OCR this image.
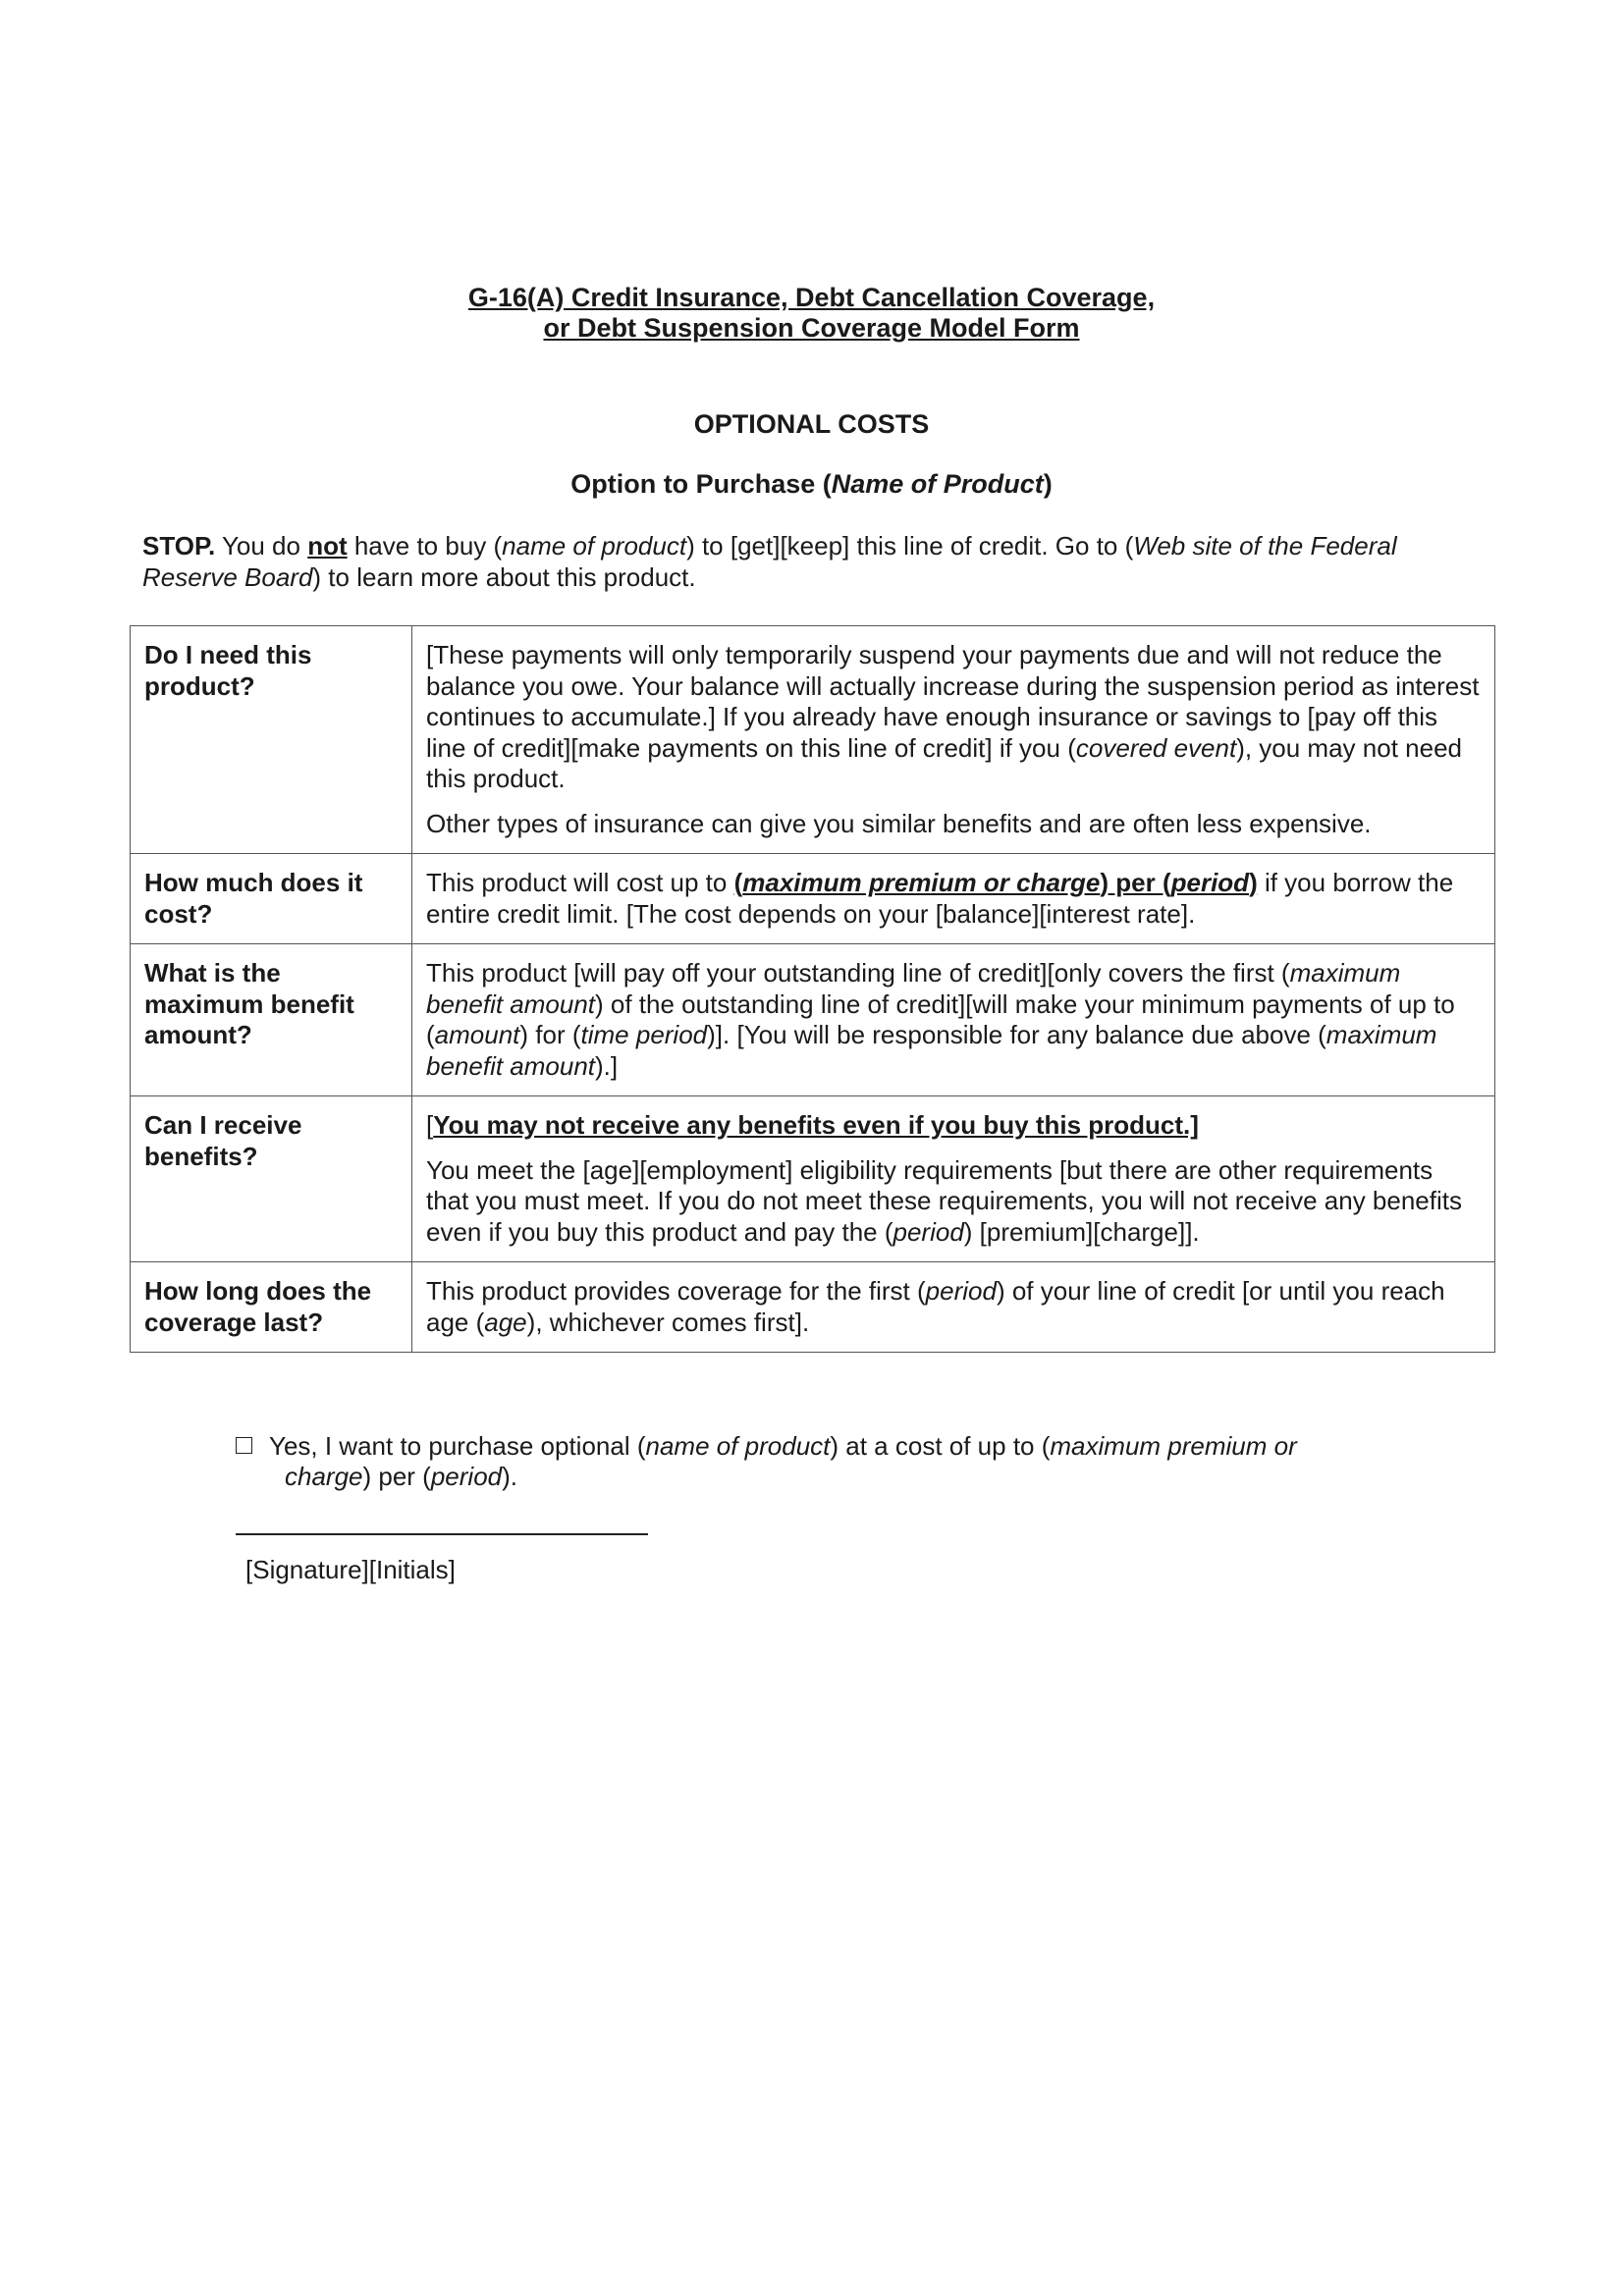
G-16(A) Credit Insurance, Debt Cancellation Coverage,
or Debt Suspension Coverage Model Form
OPTIONAL COSTS
Option to Purchase (Name of Product)
STOP. You do not have to buy (name of product) to [get][keep] this line of credit. Go to (Web site of the Federal Reserve Board) to learn more about this product.
Do I need this product?	[These payments will only temporarily suspend your payments due and will not reduce the balance you owe. Your balance will actually increase during the suspension period as interest continues to accumulate.] If you already have enough insurance or savings to [pay off this line of credit][make payments on this line of credit] if you (covered event), you may not need this product.

Other types of insurance can give you similar benefits and are often less expensive.

How much does it cost?	This product will cost up to (maximum premium or charge) per (period) if you borrow the entire credit limit. [The cost depends on your [balance][interest rate].
What is the maximum benefit amount?	This product [will pay off your outstanding line of credit][only covers the first (maximum benefit amount) of the outstanding line of credit][will make your minimum payments of up to (amount) for (time period)]. [You will be responsible for any balance due above (maximum benefit amount).]
Can I receive benefits?	[You may not receive any benefits even if you buy this product.]

You meet the [age][employment] eligibility requirements [but there are other requirements that you must meet. If you do not meet these requirements, you will not receive any benefits even if you buy this product and pay the (period) [premium][charge]].

How long does the coverage last?	This product provides coverage for the first (period) of your line of credit [or until you reach age (age), whichever comes first].
Yes, I want to purchase optional (name of product) at a cost of up to (maximum premium or
charge) per (period).
[Signature][Initials]
